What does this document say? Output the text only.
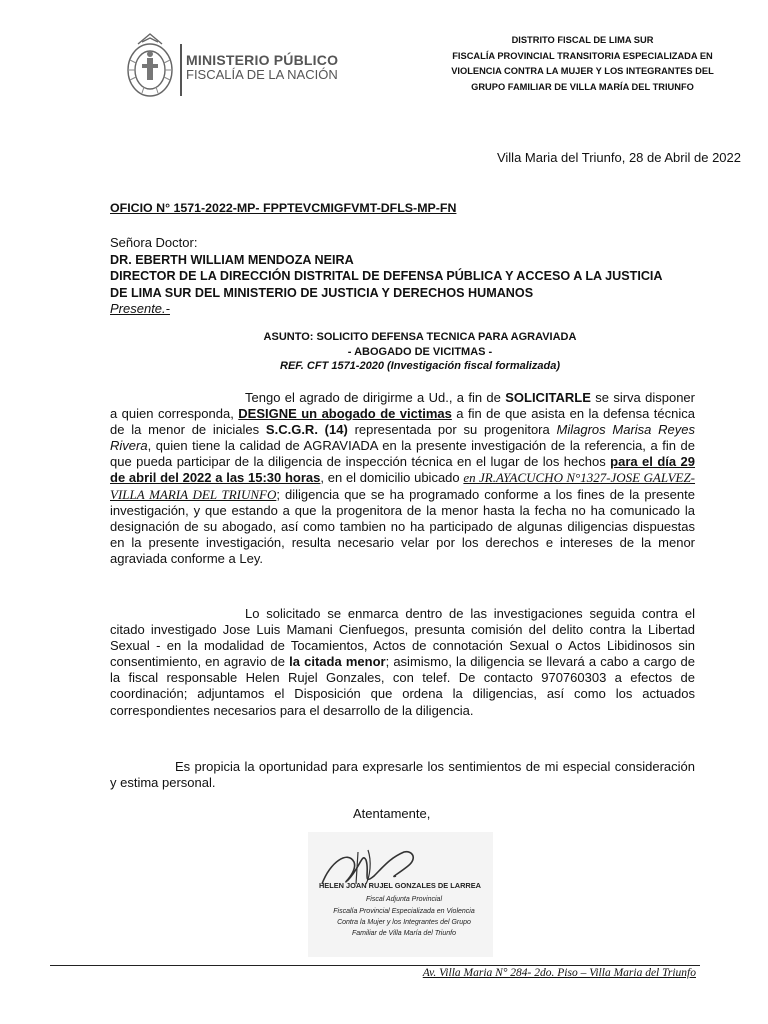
MINISTERIO PÚBLICO
FISCALÍA DE LA NACIÓN
DISTRITO FISCAL DE LIMA SUR
FISCALÍA PROVINCIAL TRANSITORIA ESPECIALIZADA EN
VIOLENCIA CONTRA LA MUJER Y LOS INTEGRANTES DEL
GRUPO FAMILIAR DE VILLA MARÍA DEL TRIUNFO
Villa Maria del Triunfo, 28 de Abril de 2022
OFICIO N° 1571-2022-MP- FPPTEVCMIGFVMT-DFLS-MP-FN
Señora Doctor:
DR. EBERTH WILLIAM MENDOZA NEIRA
DIRECTOR DE LA DIRECCIÓN DISTRITAL DE DEFENSA PÚBLICA Y ACCESO A LA JUSTICIA
DE LIMA SUR DEL MINISTERIO DE JUSTICIA Y DERECHOS HUMANOS
Presente.-
ASUNTO: SOLICITO DEFENSA TECNICA PARA AGRAVIADA
- ABOGADO DE VICITMAS -
REF. CFT 1571-2020 (Investigación fiscal formalizada)
Tengo el agrado de dirigirme a Ud., a fin de SOLICITARLE se sirva disponer a quien corresponda, DESIGNE un abogado de victimas a fin de que asista en la defensa técnica de la menor de iniciales S.C.G.R. (14) representada por su progenitora Milagros Marisa Reyes Rivera, quien tiene la calidad de AGRAVIADA en la presente investigación de la referencia, a fin de que pueda participar de la diligencia de inspección técnica en el lugar de los hechos para el día 29 de abril del 2022 a las 15:30 horas, en el domicilio ubicado en JR.AYACUCHO N°1327-JOSE GALVEZ-VILLA MARIA DEL TRIUNFO; diligencia que se ha programado conforme a los fines de la presente investigación, y que estando a que la progenitora de la menor hasta la fecha no ha comunicado la designación de su abogado, así como tambien no ha participado de algunas diligencias dispuestas en la presente investigación, resulta necesario velar por los derechos e intereses de la menor agraviada conforme a Ley.
Lo solicitado se enmarca dentro de las investigaciones seguida contra el citado investigado Jose Luis Mamani Cienfuegos, presunta comisión del delito contra la Libertad Sexual - en la modalidad de Tocamientos, Actos de connotación Sexual o Actos Libidinosos sin consentimiento, en agravio de la citada menor; asimismo, la diligencia se llevará a cabo a cargo de la fiscal responsable Helen Rujel Gonzales, con telef. De contacto 970760303 a efectos de coordinación; adjuntamos el Disposición que ordena la diligencias, así como los actuados correspondientes necesarios para el desarrollo de la diligencia.
Es propicia la oportunidad para expresarle los sentimientos de mi especial consideración y estima personal.
Atentamente,
HELEN JOAN RUJEL GONZALES DE LARREA
Fiscal Adjunta Provincial
Fiscalía Provincial Especializada en Violencia
Contra la Mujer y los Integrantes del Grupo
Familiar de Villa María del Triunfo
Av. Villa Maria N° 284- 2do. Piso – Villa Maria del Triunfo
